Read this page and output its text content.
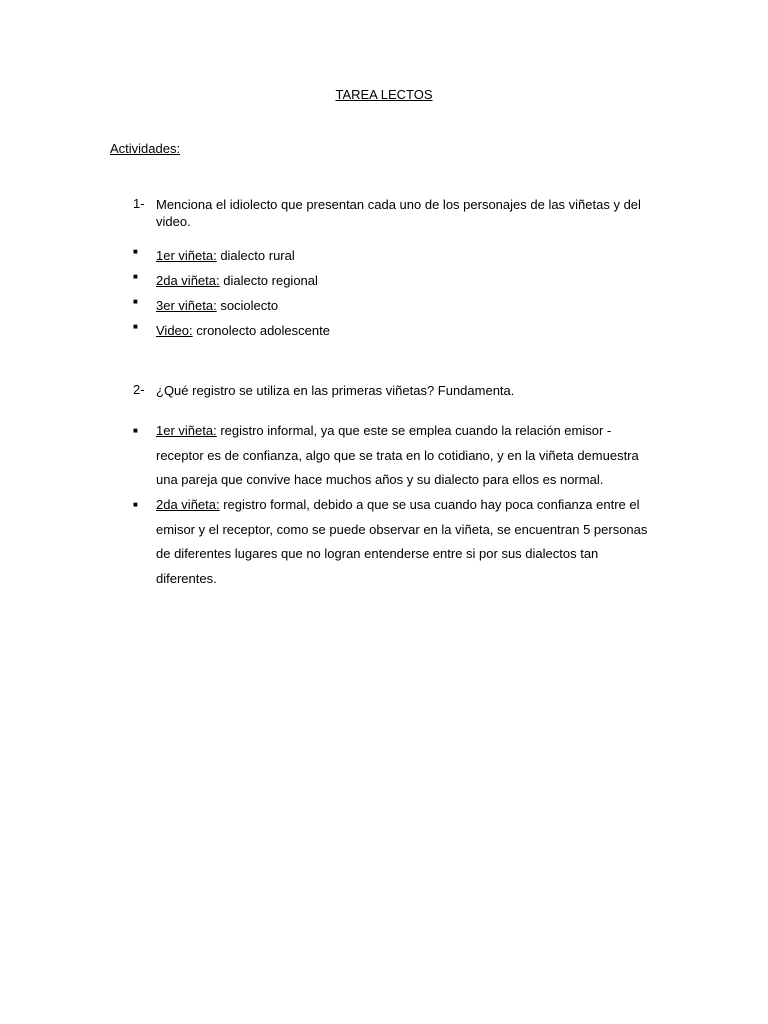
TAREA LECTOS
Actividades:
1- Menciona el idiolecto que presentan cada uno de los personajes de las viñetas y del video.
■ 1er viñeta: dialecto rural
■ 2da viñeta: dialecto regional
■ 3er viñeta: sociolecto
■ Video: cronolecto adolescente
2- ¿Qué registro se utiliza en las primeras viñetas? Fundamenta.
■ 1er viñeta: registro informal, ya que este se emplea cuando la relación emisor - receptor es de confianza, algo que se trata en lo cotidiano, y en la viñeta demuestra una pareja que convive hace muchos años y su dialecto para ellos es normal.
■ 2da viñeta: registro formal, debido a que se usa cuando hay poca confianza entre el emisor y el receptor, como se puede observar en la viñeta, se encuentran 5 personas de diferentes lugares que no logran entenderse entre si por sus dialectos tan diferentes.
